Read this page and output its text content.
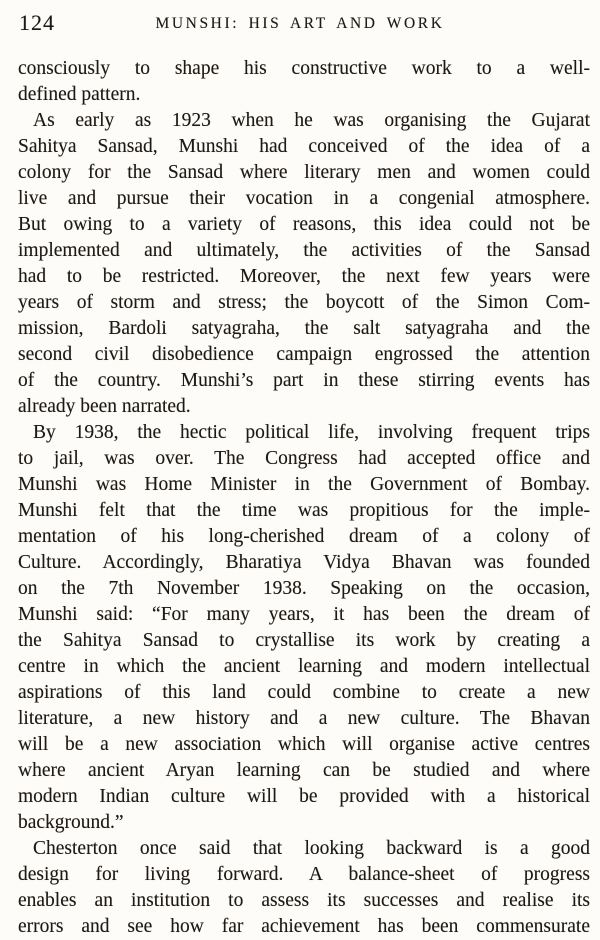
124	MUNSHI: HIS ART AND WORK
consciously to shape his constructive work to a well-
defined pattern.
As early as 1923 when he was organising the Gujarat
Sahitya Sansad, Munshi had conceived of the idea of a
colony for the Sansad where literary men and women could
live and pursue their vocation in a congenial atmosphere.
But owing to a variety of reasons, this idea could not be
implemented and ultimately, the activities of the Sansad
had to be restricted. Moreover, the next few years were
years of storm and stress; the boycott of the Simon Com-
mission, Bardoli satyagraha, the salt satyagraha and the
second civil disobedience campaign engrossed the attention
of the country. Munshi’s part in these stirring events has
already been narrated.
By 1938, the hectic political life, involving frequent trips
to jail, was over. The Congress had accepted office and
Munshi was Home Minister in the Government of Bombay.
Munshi felt that the time was propitious for the imple-
mentation of his long-cherished dream of a colony of
Culture. Accordingly, Bharatiya Vidya Bhavan was founded
on the 7th November 1938. Speaking on the occasion,
Munshi said: “For many years, it has been the dream of
the Sahitya Sansad to crystallise its work by creating a
centre in which the ancient learning and modern intellectual
aspirations of this land could combine to create a new
literature, a new history and a new culture. The Bhavan
will be a new association which will organise active centres
where ancient Aryan learning can be studied and where
modern Indian culture will be provided with a historical
background.”
Chesterton once said that looking backward is a good
design for living forward. A balance-sheet of progress
enables an institution to assess its successes and realise its
errors and see how far achievement has been commensurate
